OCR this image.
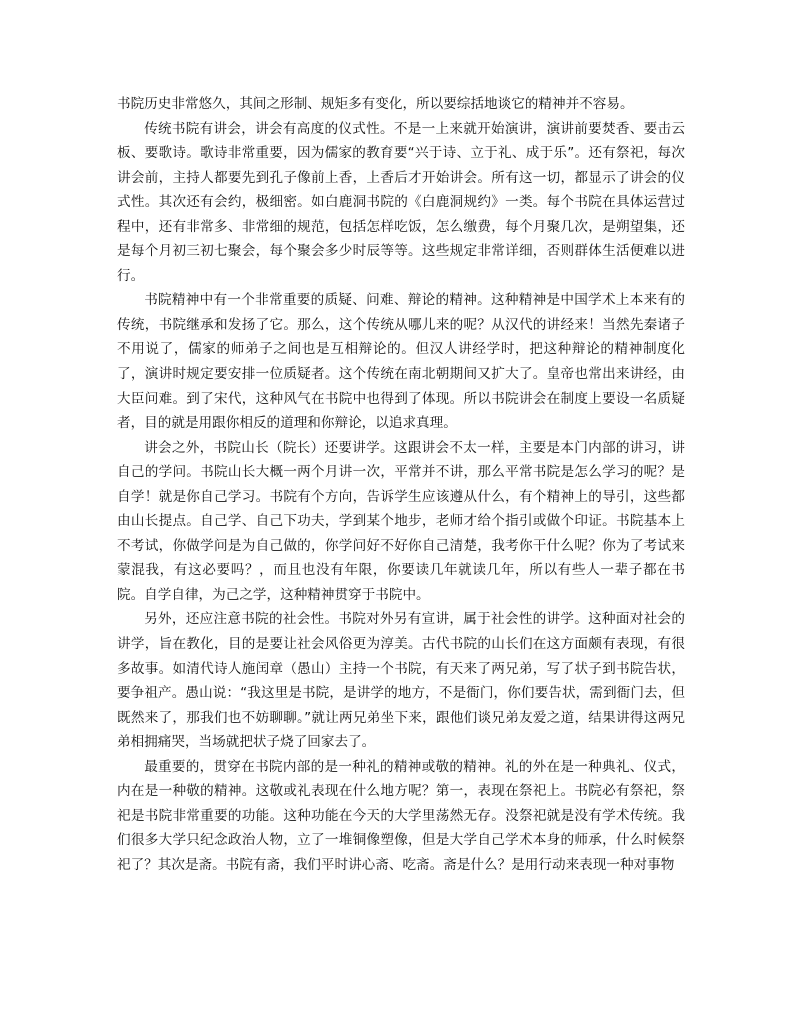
书院历史非常悠久，其间之形制、规矩多有变化，所以要综括地谈它的精神并不容易。

传统书院有讲会，讲会有高度的仪式性。不是一上来就开始演讲，演讲前要焚香、要击云板、要歌诗。歌诗非常重要，因为儒家的教育要“兴于诗、立于礼、成于乐”。还有祭祀，每次讲会前，主持人都要先到孔子像前上香，上香后才开始讲会。所有这一切，都显示了讲会的仪式性。其次还有会约，极细密。如白鹿洞书院的《白鹿洞规约》一类。每个书院在具体运营过程中，还有非常多、非常细的规范，包括怎样吃饭，怎么缴费，每个月聚几次，是朔望集，还是每个月初三初七聚会，每个聚会多少时辰等等。这些规定非常详细，否则群体生活便难以进行。

书院精神中有一个非常重要的质疑、问难、辩论的精神。这种精神是中国学术上本来有的传统，书院继承和发扬了它。那么，这个传统从哪儿来的呢？从汉代的讲经来！当然先秦诸子不用说了，儒家的师弟子之间也是互相辩论的。但汉人讲经学时，把这种辩论的精神制度化了，演讲时规定要安排一位质疑者。这个传统在南北朝期间又扩大了。皇帝也常出来讲经，由大臣问难。到了宋代，这种风气在书院中也得到了体现。所以书院讲会在制度上要设一名质疑者，目的就是用跟你相反的道理和你辩论，以追求真理。

讲会之外，书院山长（院长）还要讲学。这跟讲会不太一样，主要是本门内部的讲习，讲自己的学问。书院山长大概一两个月讲一次，平常并不讲，那么平常书院是怎么学习的呢？是自学！就是你自己学习。书院有个方向，告诉学生应该遵从什么，有个精神上的导引，这些都由山长提点。自己学、自己下功夫，学到某个地步，老师才给个指引或做个印证。书院基本上不考试，你做学问是为自己做的，你学问好不好你自己清楚，我考你干什么呢？你为了考试来蒙混我，有这必要吗？，而且也没有年限，你要读几年就读几年，所以有些人一辈子都在书院。自学自律，为己之学，这种精神贯穿于书院中。

另外，还应注意书院的社会性。书院对外另有宣讲，属于社会性的讲学。这种面对社会的讲学，旨在教化，目的是要让社会风俗更为淳美。古代书院的山长们在这方面颇有表现，有很多故事。如清代诗人施闰章（愚山）主持一个书院，有天来了两兄弟，写了状子到书院告状，要争祖产。愚山说：“我这里是书院，是讲学的地方，不是衙门，你们要告状，需到衙门去，但既然来了，那我们也不妨聊聊。”就让两兄弟坐下来，跟他们谈兄弟友爱之道，结果讲得这两兄弟相拥痛哭，当场就把状子烧了回家去了。

最重要的，贯穿在书院内部的是一种礼的精神或敬的精神。礼的外在是一种典礼、仪式，内在是一种敬的精神。这敬或礼表现在什么地方呢？第一，表现在祭祀上。书院必有祭祀，祭祀是书院非常重要的功能。这种功能在今天的大学里荡然无存。没祭祀就是没有学术传统。我们很多大学只纪念政治人物，立了一堆铜像塑像，但是大学自己学术本身的师承，什么时候祭祀了？其次是斋。书院有斋，我们平时讲心斋、吃斋。斋是什么？是用行动来表现一种对事物
